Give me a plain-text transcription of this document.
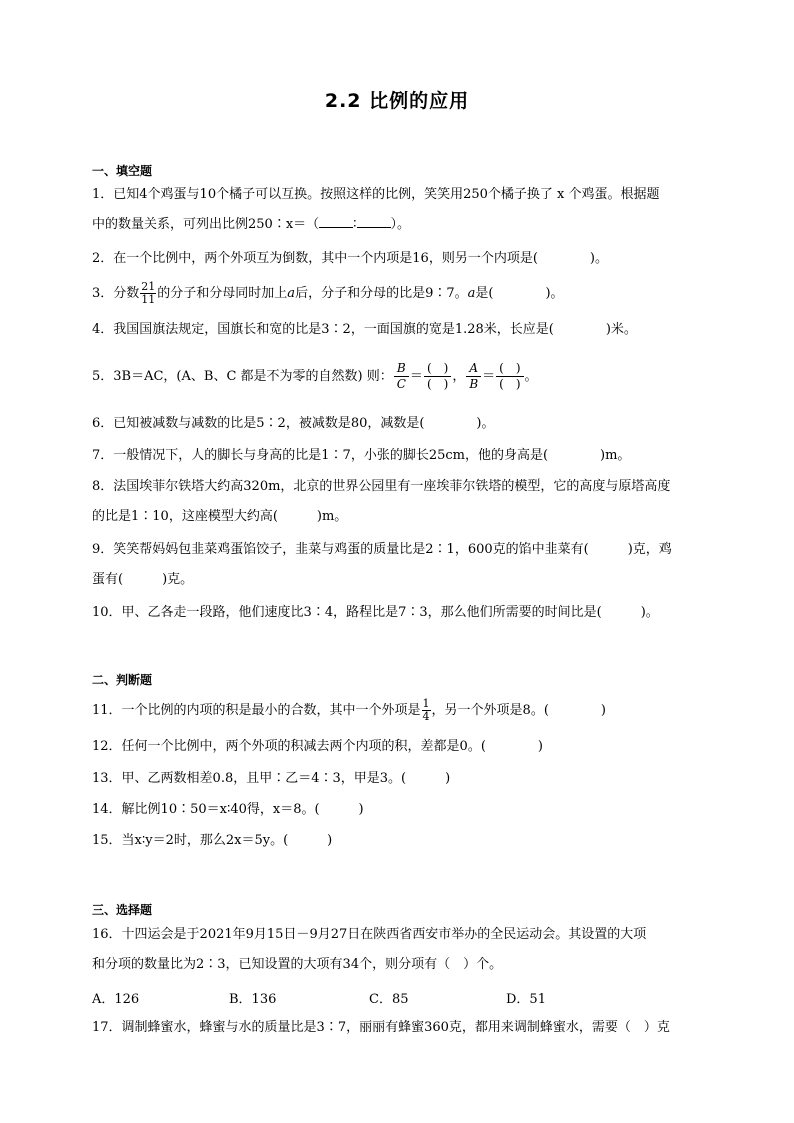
2.2 比例的应用
一、填空题
1．已知4个鸡蛋与10个橘子可以互换。按照这样的比例，笑笑用250个橘子换了 x 个鸡蛋。根据题
中的数量关系，可列出比例250∶x＝（	∶	）。
2．在一个比例中，两个外项互为倒数，其中一个内项是16，则另一个内项是(　　　　)。
3．分数 $\frac{21}{11}$ 的分子和分母同时加上a后，分子和分母的比是9∶7。a是(　　　　)。
4．我国国旗法规定，国旗长和宽的比是3∶2，一面国旗的宽是1.28米，长应是(　　　　)米。
5．3B＝AC，(A、B、C 都是不为零的自然数) 则： $\frac{B}{C} = \frac{( )}{( )}$ ， $\frac{A}{B} = \frac{( )}{( )}$ 。
6．已知被减数与减数的比是5∶2，被减数是80，减数是(　　　　)。
7．一般情况下，人的脚长与身高的比是1∶7，小张的脚长25cm，他的身高是(　　　　)m。
8．法国埃菲尔铁塔大约高320m，北京的世界公园里有一座埃菲尔铁塔的模型，它的高度与原塔高度
的比是1∶10，这座模型大约高(　　　)m。
9．笑笑帮妈妈包韭菜鸡蛋馅饺子，韭菜与鸡蛋的质量比是2∶1，600克的馅中韭菜有(　　　)克，鸡
蛋有(　　　)克。
10．甲、乙各走一段路，他们速度比3∶4，路程比是7∶3，那么他们所需要的时间比是(　　　)。
二、判断题
11．一个比例的内项的积是最小的合数，其中一个外项是 $\frac{1}{4}$ ，另一个外项是8。(　　　　)
12．任何一个比例中，两个外项的积减去两个内项的积，差都是0。(　　　　)
13．甲、乙两数相差0.8，且甲∶乙＝4∶3，甲是3。(　　　)
14．解比例10∶50＝x∶40得，x＝8。(　　　)
15．当x∶y＝2时，那么2x＝5y。(　　　)
三、选择题
16．十四运会是于2021年9月15日－9月27日在陕西省西安市举办的全民运动会。其设置的大项
和分项的数量比为2∶3，已知设置的大项有34个，则分项有（　）个。
A．126	B．136	C．85	D．51
17．调制蜂蜜水，蜂蜜与水的质量比是3∶7，丽丽有蜂蜜360克，都用来调制蜂蜜水，需要（　）克
